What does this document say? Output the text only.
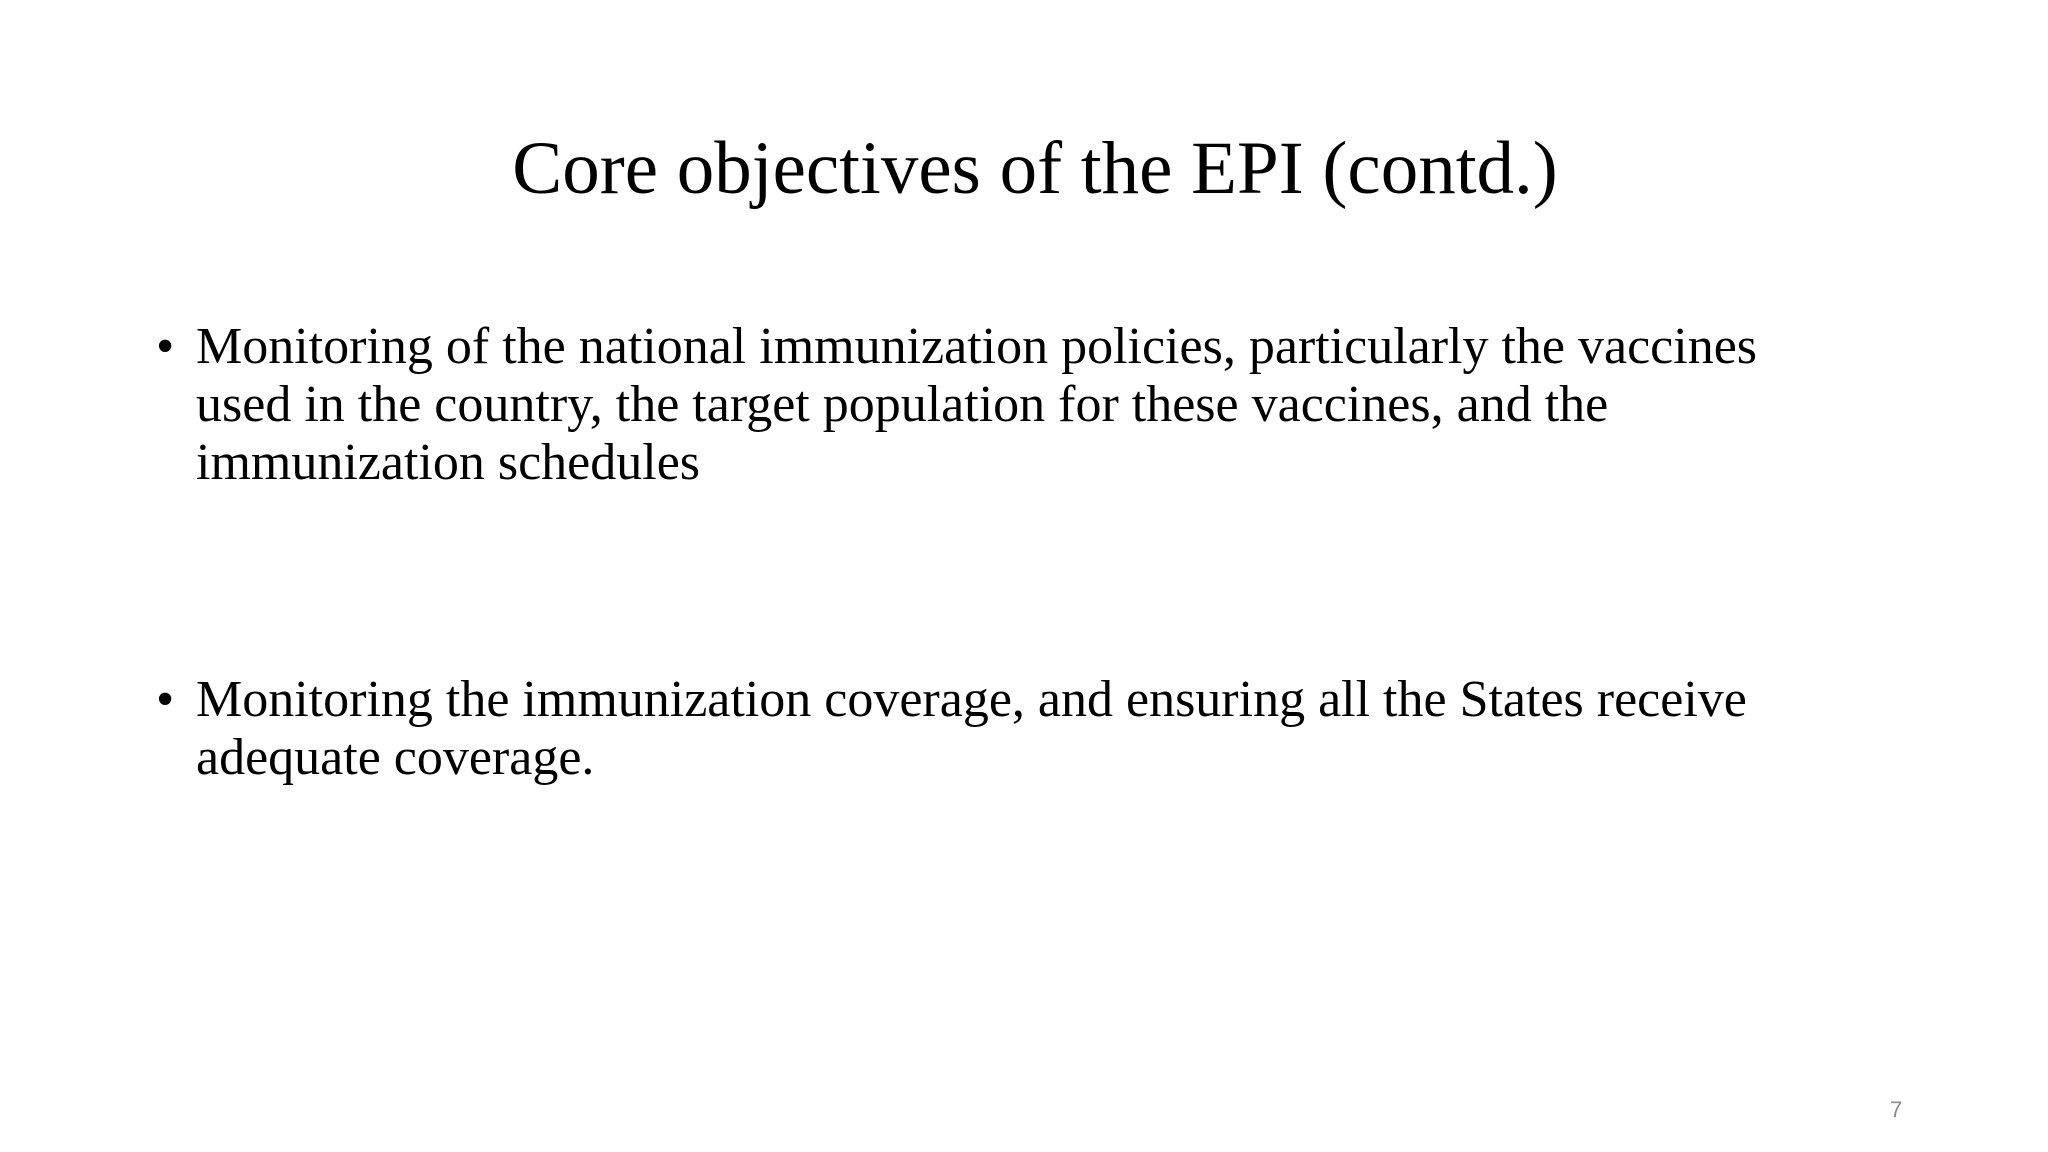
Core objectives of the EPI (contd.)
• Monitoring of the national immunization policies, particularly the vaccines
used in the country, the target population for these vaccines, and the
immunization schedules
• Monitoring the immunization coverage, and ensuring all the States receive
adequate coverage.
7
